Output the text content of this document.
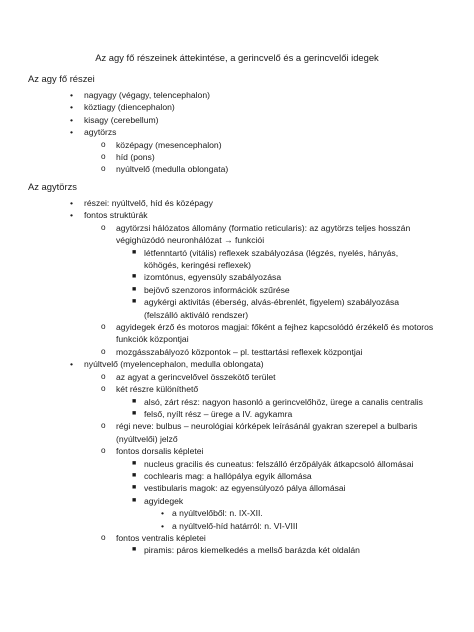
Az agy fő részeinek áttekintése, a gerincvelő és a gerincvelői idegek
Az agy fő részei
• nagyagy (végagy, telencephalon)
• köztiagy (diencephalon)
• kisagy (cerebellum)
• agytörzs
o középagy (mesencephalon)
o híd (pons)
o nyúltvelő (medulla oblongata)
Az agytörzs
• részei: nyúltvelő, híd és középagy
• fontos struktúrák
o agytörzsi hálózatos állomány (formatio reticularis): az agytörzs teljes hosszán végighúzódó neuronhálózat → funkciói
■ létfenntartó (vitális) reflexek szabályozása (légzés, nyelés, hányás, köhögés, keringési reflexek)
■ izomtónus, egyensúly szabályozása
■ bejövő szenzoros információk szűrése
■ agykérgi aktivitás (éberség, alvás-ébrenlét, figyelem) szabályozása (felszálló aktiváló rendszer)
o agyidegek érző és motoros magjai: főként a fejhez kapcsolódó érzékelő és motoros funkciók központjai
o mozgásszabályozó központok – pl. testtartási reflexek központjai
• nyúltvelő (myelencephalon, medulla oblongata)
o az agyat a gerincvelővel összekötő terület
o két részre különíthető
■ alsó, zárt rész: nagyon hasonló a gerincvelőhöz, ürege a canalis centralis
■ felső, nyílt rész – ürege a IV. agykamra
o régi neve: bulbus – neurológiai kórképek leírásánál gyakran szerepel a bulbaris (nyúltvelői) jelző
o fontos dorsalis képletei
■ nucleus gracilis és cuneatus: felszálló érzőpályák átkapcsoló állomásai
■ cochlearis mag: a hallópálya egyik állomása
■ vestibularis magok: az egyensúlyozó pálya állomásai
■ agyidegek
• a nyúltvelőből: n. IX-XII.
• a nyúltvelő-híd határról: n. VI-VIII
o fontos ventralis képletei
■ piramis: páros kiemelkedés a mellső barázda két oldalán
